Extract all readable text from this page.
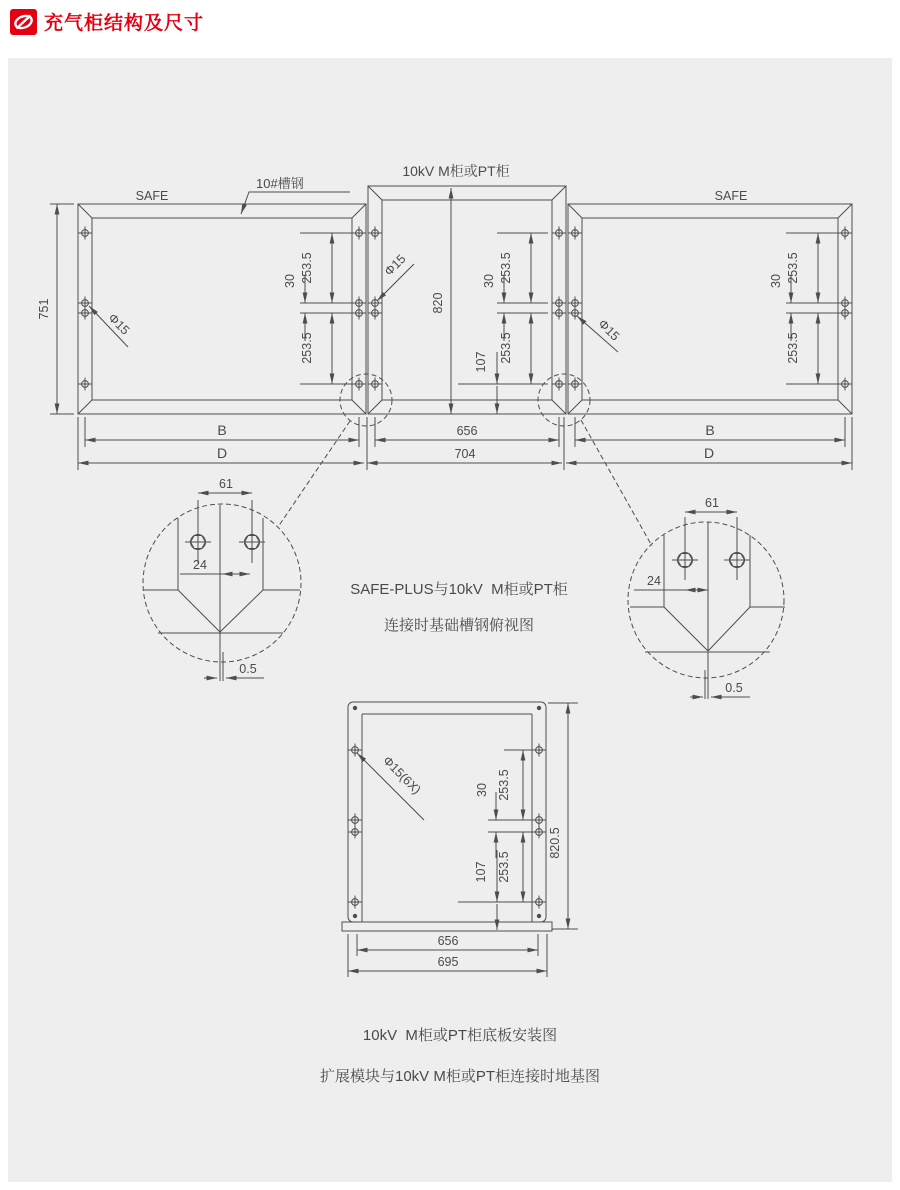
充气柜结构及尺寸
SAFE	SAFE
10kV M柜或PT柜
10#槽钢
751	820
253.5
30
253.5
253.5
30
253.5
107
253.5
30
253.5
Φ15
Φ15
Φ15
B	656	B
D	704	D
61
24
0.5
61
24
0.5
SAFE-PLUS与10kV  M柜或PT柜
连接时基础槽钢俯视图
Φ15(6X)	253.5
30
253.5
107
820.5
656
695
10kV  M柜或PT柜底板安装图
扩展模块与10kV M柜或PT柜连接时地基图
